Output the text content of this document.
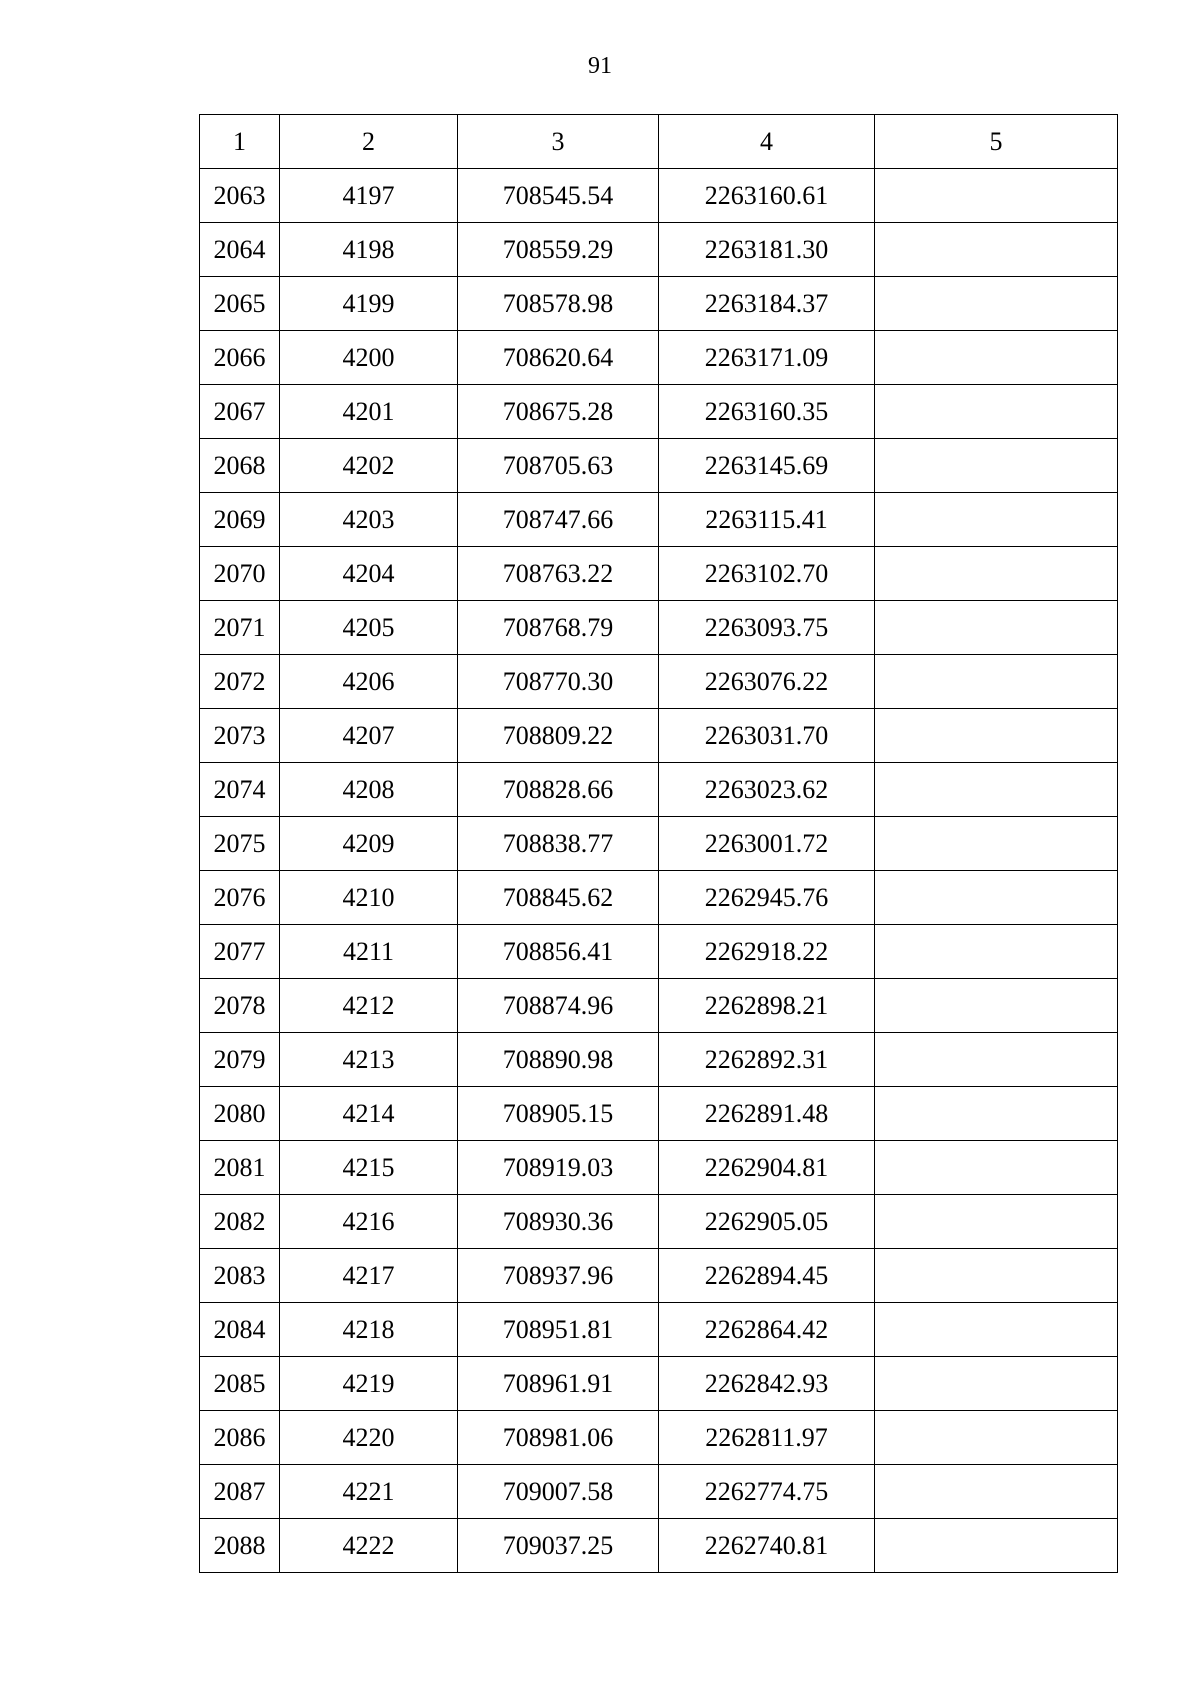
91
1	2	3	4	5
2063	4197	708545.54	2263160.61	
2064	4198	708559.29	2263181.30	
2065	4199	708578.98	2263184.37	
2066	4200	708620.64	2263171.09	
2067	4201	708675.28	2263160.35	
2068	4202	708705.63	2263145.69	
2069	4203	708747.66	2263115.41	
2070	4204	708763.22	2263102.70	
2071	4205	708768.79	2263093.75	
2072	4206	708770.30	2263076.22	
2073	4207	708809.22	2263031.70	
2074	4208	708828.66	2263023.62	
2075	4209	708838.77	2263001.72	
2076	4210	708845.62	2262945.76	
2077	4211	708856.41	2262918.22	
2078	4212	708874.96	2262898.21	
2079	4213	708890.98	2262892.31	
2080	4214	708905.15	2262891.48	
2081	4215	708919.03	2262904.81	
2082	4216	708930.36	2262905.05	
2083	4217	708937.96	2262894.45	
2084	4218	708951.81	2262864.42	
2085	4219	708961.91	2262842.93	
2086	4220	708981.06	2262811.97	
2087	4221	709007.58	2262774.75	
2088	4222	709037.25	2262740.81	
